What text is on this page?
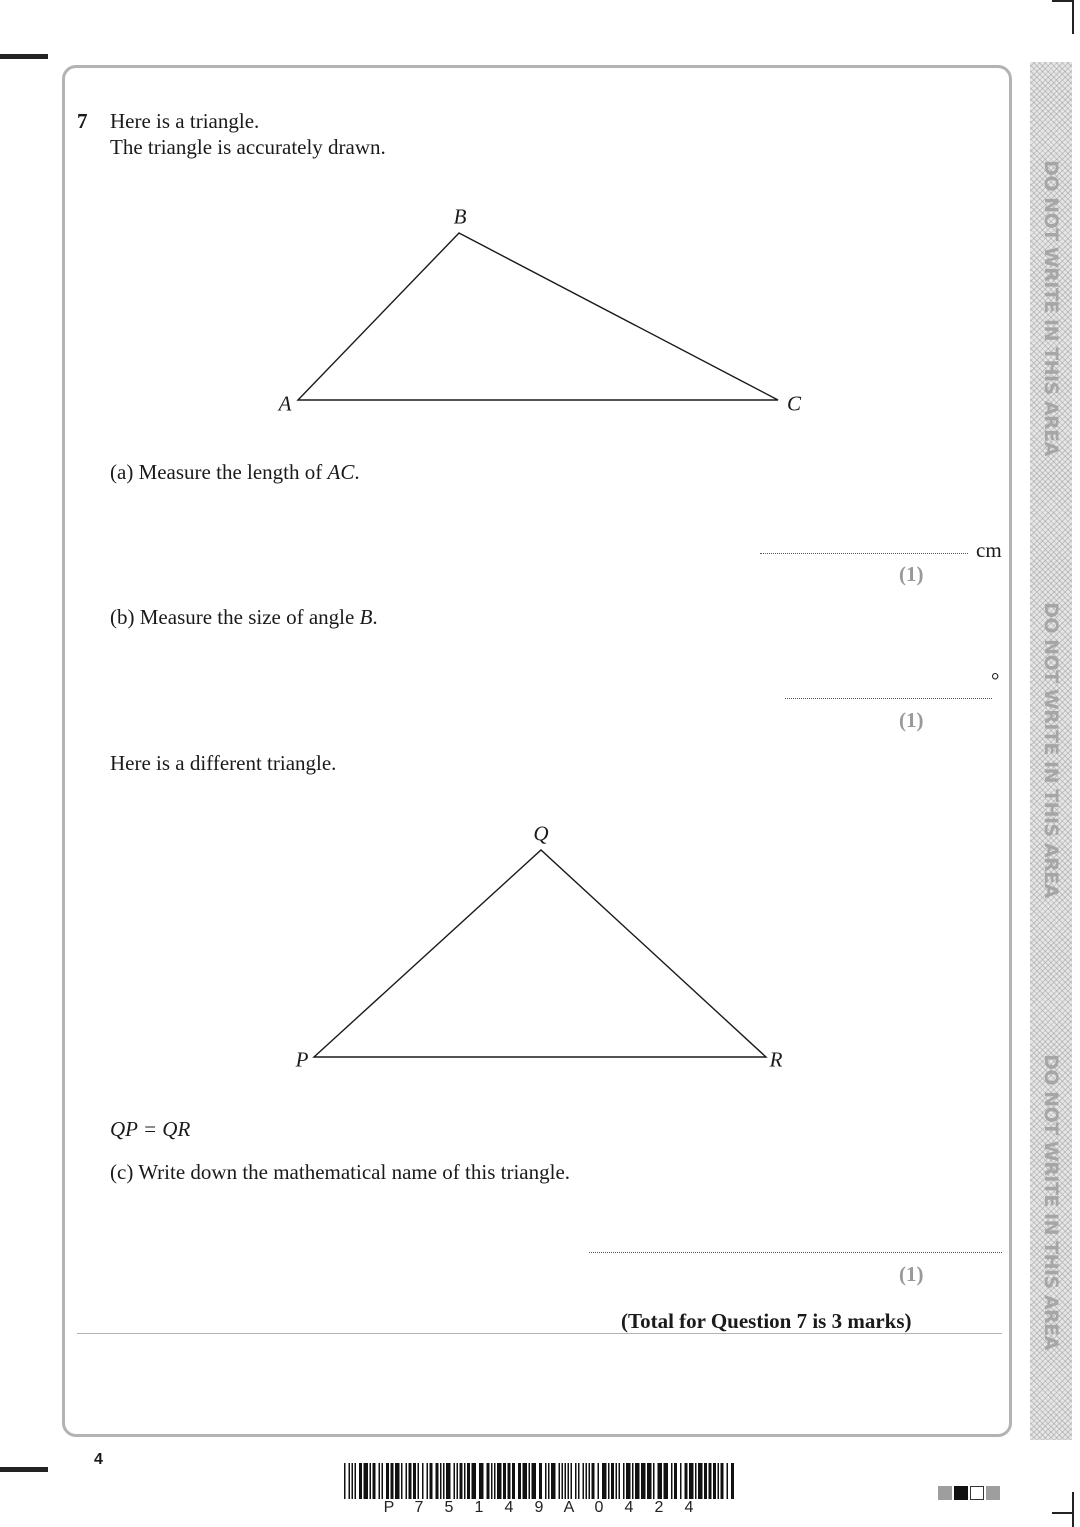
DO NOT WRITE IN THIS AREA
DO NOT WRITE IN THIS AREA
DO NOT WRITE IN THIS AREA
7 Here is a triangle.
The triangle is accurately drawn.
B
A	C
(a) Measure the length of AC.
cm
(1)
(b) Measure the size of angle B.
°
(1)
Here is a different triangle.
Q
P	R
QP = QR
(c) Write down the mathematical name of this triangle.
(1)
(Total for Question 7 is 3 marks)
4
P 7 5 1 4 9 A 0 4 2 4
